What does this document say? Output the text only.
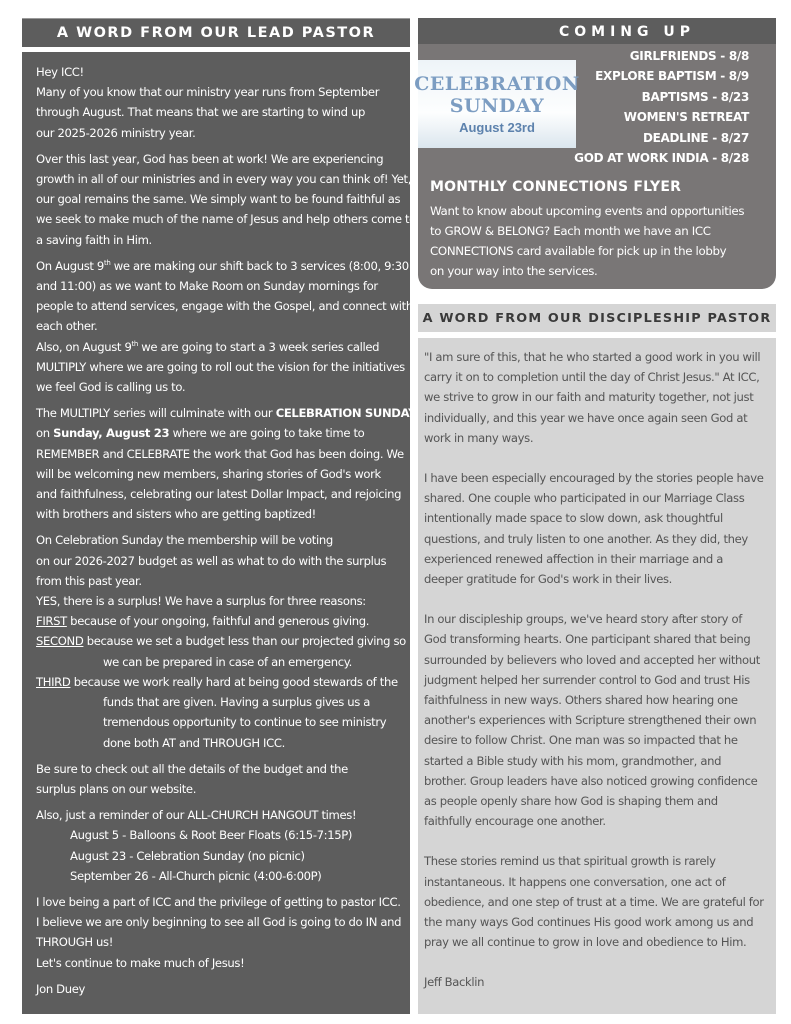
A WORD FROM OUR LEAD PASTOR

Hey ICC!
Many of you know that our ministry year runs from September
through August. That means that we are starting to wind up
our 2025-2026 ministry year.

Over this last year, God has been at work! We are experiencing
growth in all of our ministries and in every way you can think of! Yet,
our goal remains the same. We simply want to be found faithful as
we seek to make much of the name of Jesus and help others come to
a saving faith in Him.

On August 9th we are making our shift back to 3 services (8:00, 9:30
and 11:00) as we want to Make Room on Sunday mornings for
people to attend services, engage with the Gospel, and connect with
each other.
Also, on August 9th we are going to start a 3 week series called
MULTIPLY where we are going to roll out the vision for the initiatives
we feel God is calling us to.

The MULTIPLY series will culminate with our CELEBRATION SUNDAY
on Sunday, August 23 where we are going to take time to
REMEMBER and CELEBRATE the work that God has been doing. We
will be welcoming new members, sharing stories of God's work
and faithfulness, celebrating our latest Dollar Impact, and rejoicing
with brothers and sisters who are getting baptized!

On Celebration Sunday the membership will be voting
on our 2026-2027 budget as well as what to do with the surplus
from this past year.
YES, there is a surplus! We have a surplus for three reasons:
FIRST because of your ongoing, faithful and generous giving.
SECOND because we set a budget less than our projected giving so
we can be prepared in case of an emergency.
THIRD because we work really hard at being good stewards of the
funds that are given. Having a surplus gives us a
tremendous opportunity to continue to see ministry
done both AT and THROUGH ICC.

Be sure to check out all the details of the budget and the
surplus plans on our website.

Also, just a reminder of our ALL-CHURCH HANGOUT times!
August 5 - Balloons & Root Beer Floats (6:15-7:15P)
August 23 - Celebration Sunday (no picnic)
September 26 - All-Church picnic (4:00-6:00P)

I love being a part of ICC and the privilege of getting to pastor ICC.
I believe we are only beginning to see all God is going to do IN and
THROUGH us!
Let's continue to make much of Jesus!

Jon Duey

COMING UP
CELEBRATION
SUNDAY
August 23rd
GIRLFRIENDS - 8/8
EXPLORE BAPTISM - 8/9
BAPTISMS - 8/23
WOMEN'S RETREAT
DEADLINE - 8/27
GOD AT WORK INDIA - 8/28
MONTHLY CONNECTIONS FLYER
Want to know about upcoming events and opportunities
to GROW & BELONG? Each month we have an ICC
CONNECTIONS card available for pick up in the lobby
on your way into the services.
A WORD FROM OUR DISCIPLESHIP PASTOR

"I am sure of this, that he who started a good work in you will
carry it on to completion until the day of Christ Jesus." At ICC,
we strive to grow in our faith and maturity together, not just
individually, and this year we have once again seen God at
work in many ways.

I have been especially encouraged by the stories people have
shared. One couple who participated in our Marriage Class
intentionally made space to slow down, ask thoughtful
questions, and truly listen to one another. As they did, they
experienced renewed affection in their marriage and a
deeper gratitude for God's work in their lives.

In our discipleship groups, we've heard story after story of
God transforming hearts. One participant shared that being
surrounded by believers who loved and accepted her without
judgment helped her surrender control to God and trust His
faithfulness in new ways. Others shared how hearing one
another's experiences with Scripture strengthened their own
desire to follow Christ. One man was so impacted that he
started a Bible study with his mom, grandmother, and
brother. Group leaders have also noticed growing confidence
as people openly share how God is shaping them and
faithfully encourage one another.

These stories remind us that spiritual growth is rarely
instantaneous. It happens one conversation, one act of
obedience, and one step of trust at a time. We are grateful for
the many ways God continues His good work among us and
pray we all continue to grow in love and obedience to Him.

Jeff Backlin
